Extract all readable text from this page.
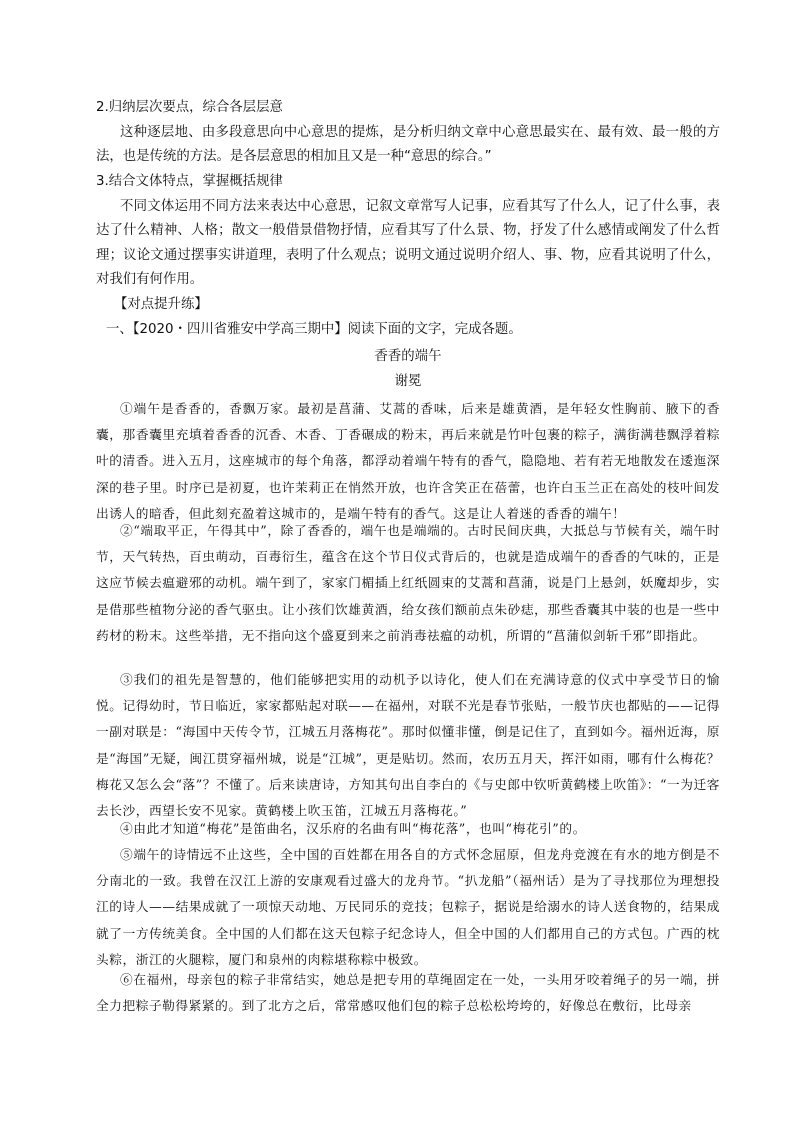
2.归纳层次要点，综合各层层意

这种逐层地、由多段意思向中心意思的提炼，是分析归纳文章中心意思最实在、最有效、最一般的方法，也是传统的方法。是各层意思的相加且又是一种“意思的综合。”

3.结合文体特点，掌握概括规律

不同文体运用不同方法来表达中心意思，记叙文章常写人记事，应看其写了什么人，记了什么事，表达了什么精神、人格；散文一般借景借物抒情，应看其写了什么景、物，抒发了什么感情或阐发了什么哲理；议论文通过摆事实讲道理，表明了什么观点；说明文通过说明介绍人、事、物，应看其说明了什么，对我们有何作用。

【对点提升练】

一、【2020・四川省雅安中学高三期中】阅读下面的文字，完成各题。

香香的端午

谢冕

①端午是香香的，香飘万家。最初是菖蒲、艾蒿的香味，后来是雄黄酒，是年轻女性胸前、腋下的香囊，那香囊里充填着香香的沉香、木香、丁香碾成的粉末，再后来就是竹叶包裹的粽子，满街满巷飘浮着粽叶的清香。进入五月，这座城市的每个角落，都浮动着端午特有的香气，隐隐地、若有若无地散发在逶迤深深的巷子里。时序已是初夏，也许茉莉正在悄然开放，也许含笑正在蓓蕾，也许白玉兰正在高处的枝叶间发出诱人的暗香，但此刻充盈着这城市的，是端午特有的香气。这是让人着迷的香香的端午！

②“端取平正，午得其中”，除了香香的，端午也是端端的。古时民间庆典，大抵总与节候有关，端午时节，天气转热，百虫萌动，百毒衍生，蕴含在这个节日仪式背后的，也就是造成端午的香香的气味的，正是这应节候去瘟避邪的动机。端午到了，家家门楣插上红纸圆束的艾蒿和菖蒲，说是门上悬剑，妖魔却步，实是借那些植物分泌的香气驱虫。让小孩们饮雄黄酒，给女孩们额前点朱砂痣，那些香囊其中装的也是一些中药材的粉末。这些举措，无不指向这个盛夏到来之前消毒祛瘟的动机，所谓的“菖蒲似剑斩千邪”即指此。

③我们的祖先是智慧的，他们能够把实用的动机予以诗化，使人们在充满诗意的仪式中享受节日的愉悦。记得幼时，节日临近，家家都贴起对联——在福州，对联不光是春节张贴，一般节庆也都贴的——记得一副对联是：“海国中天传令节，江城五月落梅花”。那时似懂非懂，倒是记住了，直到如今。福州近海，原是“海国”无疑，闽江贯穿福州城，说是“江城”，更是贴切。然而，农历五月天，挥汗如雨，哪有什么梅花？梅花又怎么会“落”？不懂了。后来读唐诗，方知其句出自李白的《与史郎中钦听黄鹤楼上吹笛》：“一为迁客去长沙，西望长安不见家。黄鹤楼上吹玉笛，江城五月落梅花。”

④由此才知道“梅花”是笛曲名，汉乐府的名曲有叫“梅花落”，也叫“梅花引”的。

⑤端午的诗情远不止这些，全中国的百姓都在用各自的方式怀念屈原，但龙舟竞渡在有水的地方倒是不分南北的一致。我曾在汉江上游的安康观看过盛大的龙舟节。“扒龙船”（福州话）是为了寻找那位为理想投江的诗人——结果成就了一项惊天动地、万民同乐的竞技；包粽子，据说是给溺水的诗人送食物的，结果成就了一方传统美食。全中国的人们都在这天包粽子纪念诗人，但全中国的人们都用自己的方式包。广西的枕头粽，浙江的火腿粽，厦门和泉州的肉粽堪称粽中极致。

⑥在福州，母亲包的粽子非常结实，她总是把专用的草绳固定在一处，一头用牙咬着绳子的另一端，拼全力把粽子勒得紧紧的。到了北方之后，常常感叹他们包的粽子总松松垮垮的，好像总在敷衍，比母亲
